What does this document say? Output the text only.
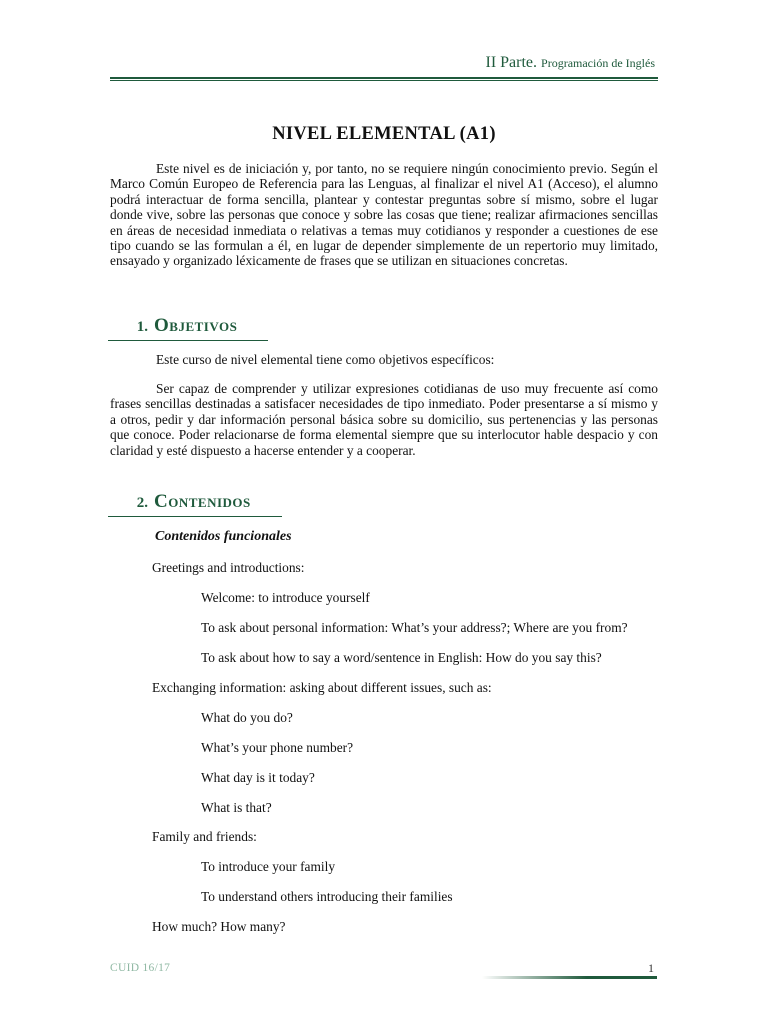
II Parte. Programación de Inglés
NIVEL ELEMENTAL (A1)
Este nivel es de iniciación y, por tanto, no se requiere ningún conocimiento previo. Según el Marco Común Europeo de Referencia para las Lenguas, al finalizar el nivel A1 (Acceso), el alumno podrá interactuar de forma sencilla, plantear y contestar preguntas sobre sí mismo, sobre el lugar donde vive, sobre las personas que conoce y sobre las cosas que tiene; realizar afirmaciones sencillas en áreas de necesidad inmediata o relativas a temas muy cotidianos y responder a cuestiones de ese tipo cuando se las formulan a él, en lugar de depender simplemente de un repertorio muy limitado, ensayado y organizado léxicamente de frases que se utilizan en situaciones concretas.
1. Objetivos
Este curso de nivel elemental tiene como objetivos específicos:
Ser capaz de comprender y utilizar expresiones cotidianas de uso muy frecuente así como frases sencillas destinadas a satisfacer necesidades de tipo inmediato. Poder presentarse a sí mismo y a otros, pedir y dar información personal básica sobre su domicilio, sus pertenencias y las personas que conoce. Poder relacionarse de forma elemental siempre que su interlocutor hable despacio y con claridad y esté dispuesto a hacerse entender y a cooperar.
2. Contenidos
Contenidos funcionales
Greetings and introductions:
Welcome: to introduce yourself
To ask about personal information: What’s your address?; Where are you from?
To ask about how to say a word/sentence in English: How do you say this?
Exchanging information: asking about different issues, such as:
What do you do?
What’s your phone number?
What day is it today?
What is that?
Family and friends:
To introduce your family
To understand others introducing their families
How much? How many?
CUID 16/17	1
